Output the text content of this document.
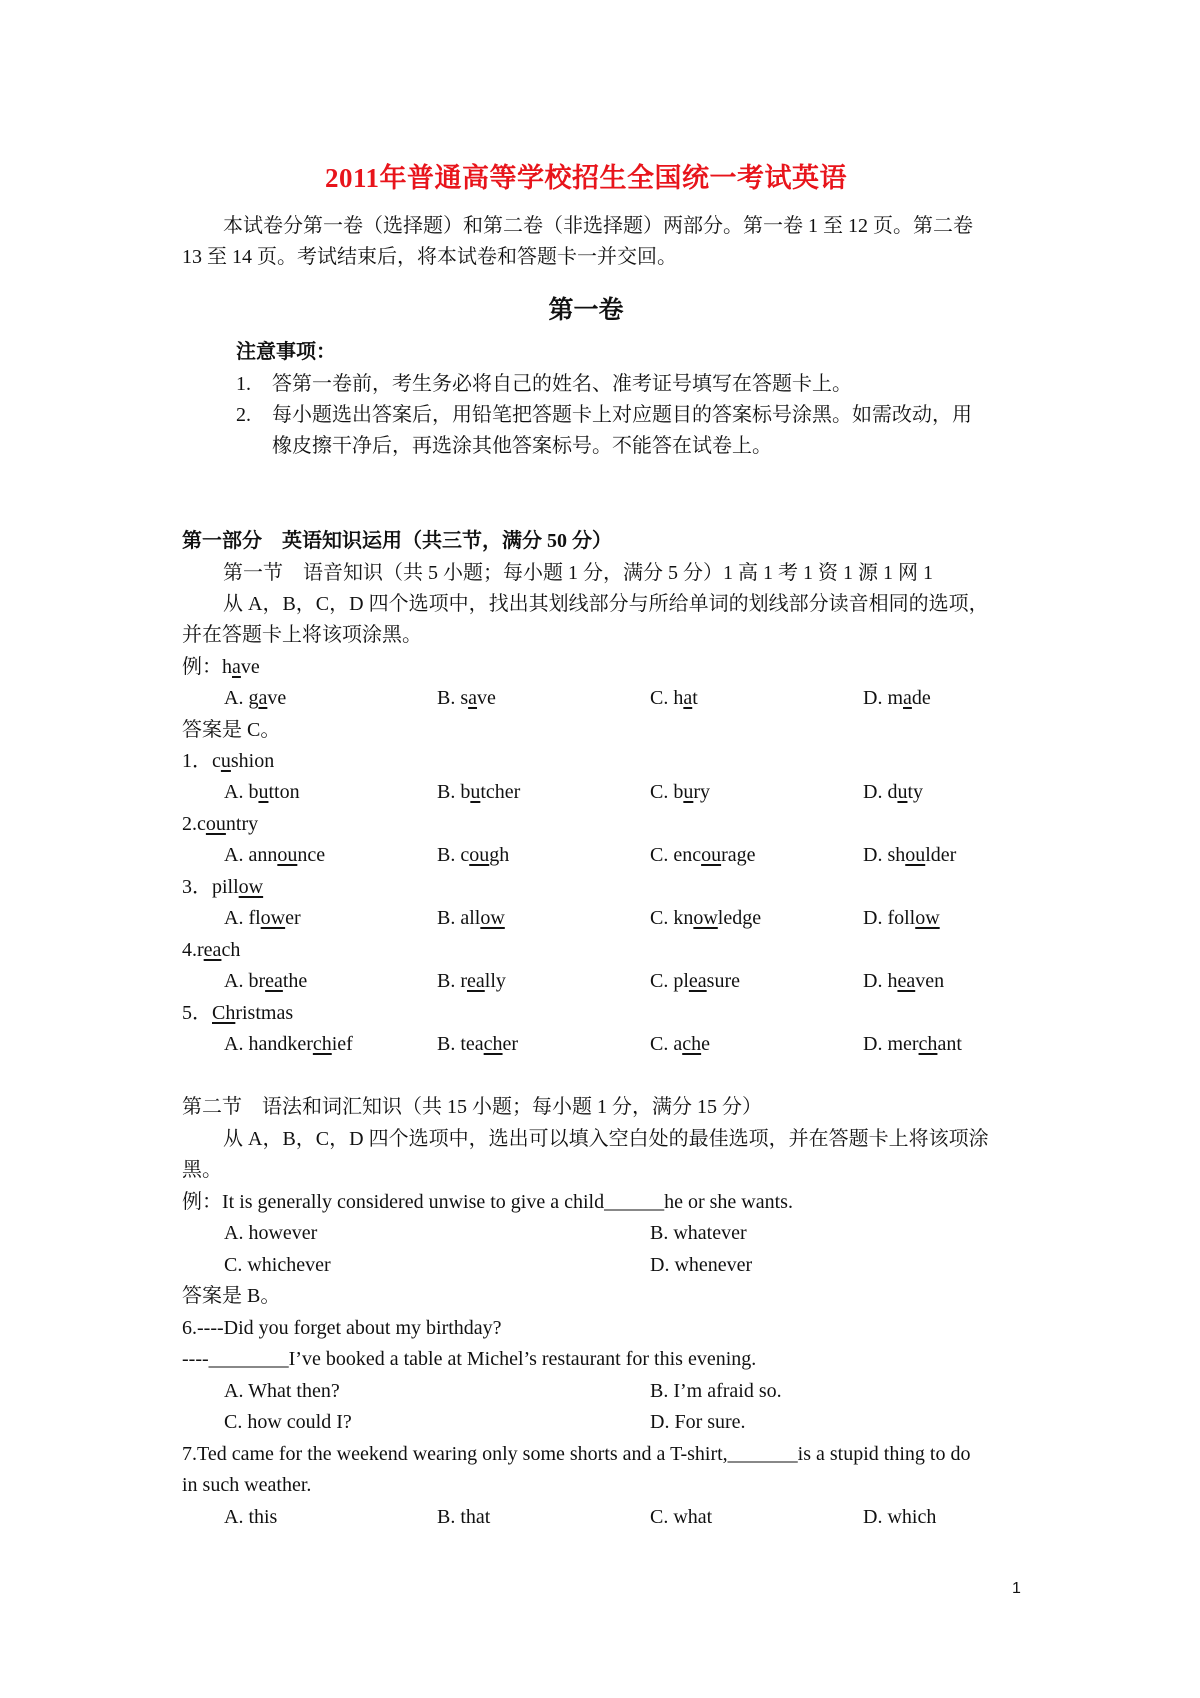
2011年普通高等学校招生全国统一考试英语
本试卷分第一卷（选择题）和第二卷（非选择题）两部分。第一卷 1 至 12 页。第二卷
13 至 14 页。考试结束后，将本试卷和答题卡一并交回。
第一卷
注意事项：
1. 答第一卷前，考生务必将自己的姓名、准考证号填写在答题卡上。
2. 每小题选出答案后，用铅笔把答题卡上对应题目的答案标号涂黑。如需改动，用
橡皮擦干净后，再选涂其他答案标号。不能答在试卷上。
第一部分　英语知识运用（共三节，满分 50 分）
第一节　语音知识（共 5 小题；每小题 1 分，满分 5 分）1 高 1 考 1 资 1 源 1 网 1
从 A，B，C，D 四个选项中，找出其划线部分与所给单词的划线部分读音相同的选项，
并在答题卡上将该项涂黑。
例：have
A. gave	B. save	C. hat	D. made
答案是 C。
1．cushion
A. button	B. butcher	C. bury	D. duty
2.country
A. announce	B. cough	C. encourage	D. shoulder
3．pillow
A. flower	B. allow	C. knowledge	D. follow
4.reach
A. breathe	B. really	C. pleasure	D. heaven
5．Christmas
A. handkerchief	B. teacher	C. ache	D. merchant
第二节　语法和词汇知识（共 15 小题；每小题 1 分，满分 15 分）
从 A，B，C，D 四个选项中，选出可以填入空白处的最佳选项，并在答题卡上将该项涂
黑。
例：It is generally considered unwise to give a child______he or she wants.
A. however	B. whatever
C. whichever	D. whenever
答案是 B。
6.----Did you forget about my birthday?
----________I’ve booked a table at Michel’s restaurant for this evening.
A. What then?	B. I’m afraid so.
C. how could I?	D. For sure.
7.Ted came for the weekend wearing only some shorts and a T-shirt,_______is a stupid thing to do
in such weather.
A. this	B. that	C. what	D. which
1
